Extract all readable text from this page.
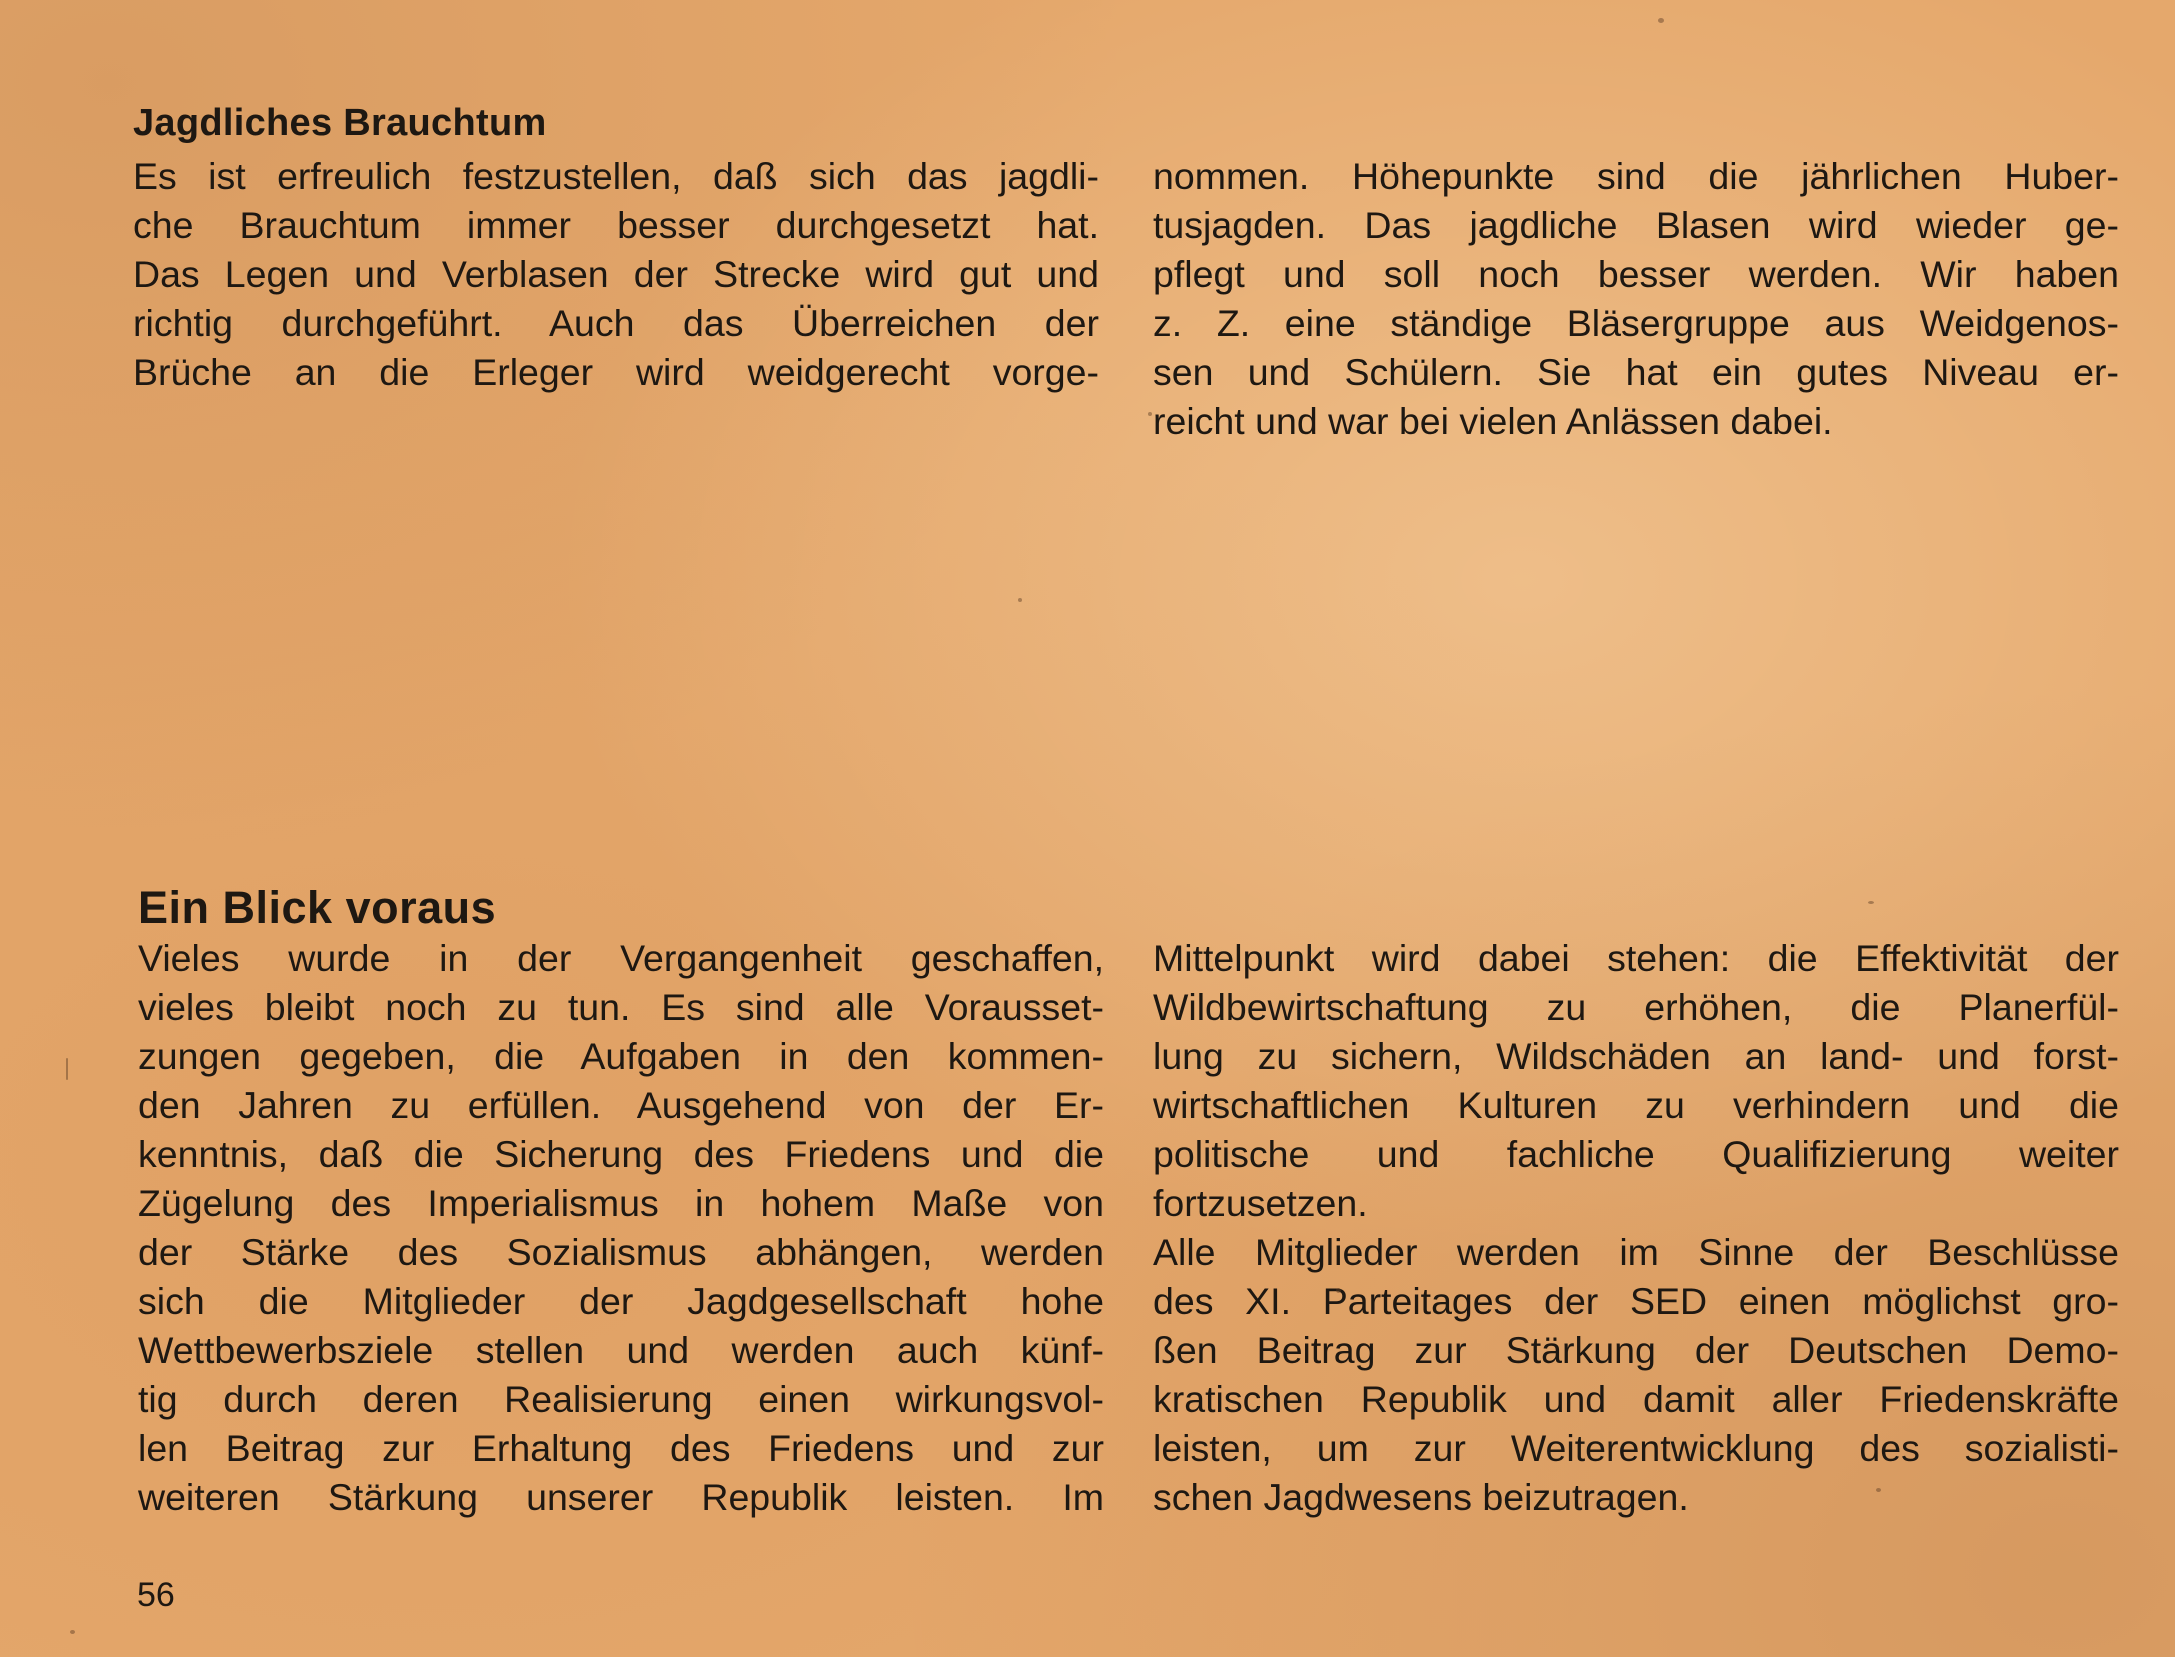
Jagdliches Brauchtum
Es ist erfreulich festzustellen, daß sich das jagdli-
che Brauchtum immer besser durchgesetzt hat.
Das Legen und Verblasen der Strecke wird gut und
richtig durchgeführt. Auch das Überreichen der
Brüche an die Erleger wird weidgerecht vorge-
nommen. Höhepunkte sind die jährlichen Huber-
tusjagden. Das jagdliche Blasen wird wieder ge-
pflegt und soll noch besser werden. Wir haben
z. Z. eine ständige Bläsergruppe aus Weidgenos-
sen und Schülern. Sie hat ein gutes Niveau er-
reicht und war bei vielen Anlässen dabei.
Ein Blick voraus
Vieles wurde in der Vergangenheit geschaffen,
vieles bleibt noch zu tun. Es sind alle Vorausset-
zungen gegeben, die Aufgaben in den kommen-
den Jahren zu erfüllen. Ausgehend von der Er-
kenntnis, daß die Sicherung des Friedens und die
Zügelung des Imperialismus in hohem Maße von
der Stärke des Sozialismus abhängen, werden
sich die Mitglieder der Jagdgesellschaft hohe
Wettbewerbsziele stellen und werden auch künf-
tig durch deren Realisierung einen wirkungsvol-
len Beitrag zur Erhaltung des Friedens und zur
weiteren Stärkung unserer Republik leisten. Im
Mittelpunkt wird dabei stehen: die Effektivität der
Wildbewirtschaftung zu erhöhen, die Planerfül-
lung zu sichern, Wildschäden an land- und forst-
wirtschaftlichen Kulturen zu verhindern und die
politische und fachliche Qualifizierung weiter
fortzusetzen.
Alle Mitglieder werden im Sinne der Beschlüsse
des XI. Parteitages der SED einen möglichst gro-
ßen Beitrag zur Stärkung der Deutschen Demo-
kratischen Republik und damit aller Friedenskräfte
leisten, um zur Weiterentwicklung des sozialisti-
schen Jagdwesens beizutragen.
56
